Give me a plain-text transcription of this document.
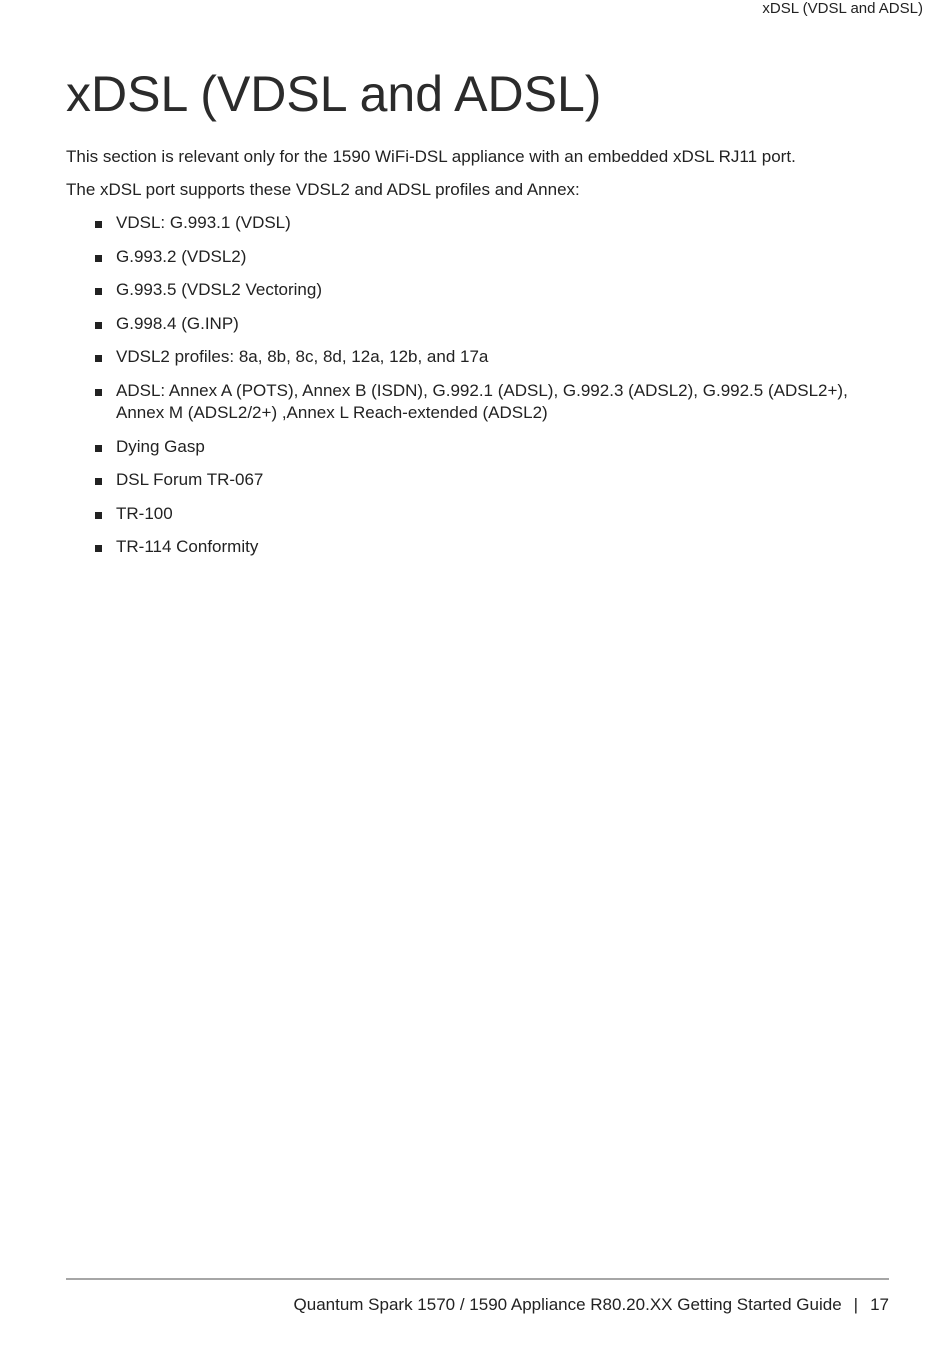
xDSL (VDSL and ADSL)
xDSL (VDSL and ADSL)

This section is relevant only for the 1590 WiFi-DSL appliance with an embedded xDSL RJ11 port.

The xDSL port supports these VDSL2 and ADSL profiles and Annex:

VDSL: G.993.1 (VDSL)
G.993.2 (VDSL2)
G.993.5 (VDSL2 Vectoring)
G.998.4 (G.INP)
VDSL2 profiles: 8a, 8b, 8c, 8d, 12a, 12b, and 17a
ADSL: Annex A (POTS), Annex B (ISDN), G.992.1 (ADSL), G.992.3 (ADSL2), G.992.5 (ADSL2+), Annex M (ADSL2/2+) ,Annex L Reach-extended (ADSL2)
Dying Gasp
DSL Forum TR-067
TR-100
TR-114 Conformity
Quantum Spark 1570 / 1590 Appliance R80.20.XX Getting Started Guide | 17
